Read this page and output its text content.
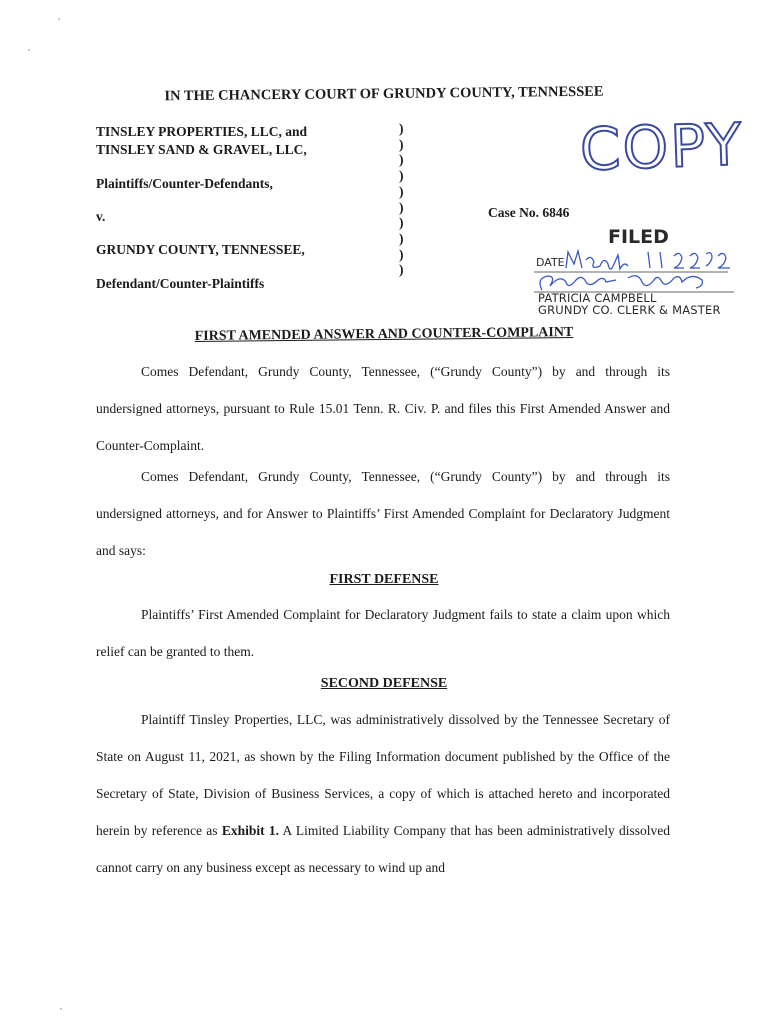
IN THE CHANCERY COURT OF GRUNDY COUNTY, TENNESSEE
TINSLEY PROPERTIES, LLC, and
TINSLEY SAND & GRAVEL, LLC,
Plaintiffs/Counter-Defendants,
v.
GRUNDY COUNTY, TENNESSEE,
Defendant/Counter-Plaintiffs
)
)
)
)
)
)
)
)
)
)
COPY
Case No. 6846
FILED
DATE
PATRICIA CAMPBELL
GRUNDY CO. CLERK & MASTER
FIRST AMENDED ANSWER AND COUNTER-COMPLAINT

Comes Defendant, Grundy County, Tennessee, (“Grundy County”) by and through its undersigned attorneys, pursuant to Rule 15.01 Tenn. R. Civ. P. and files this First Amended Answer and Counter-Complaint.

Comes Defendant, Grundy County, Tennessee, (“Grundy County”) by and through its undersigned attorneys, and for Answer to Plaintiffs’ First Amended Complaint for Declaratory Judgment and says:

FIRST DEFENSE

Plaintiffs’ First Amended Complaint for Declaratory Judgment fails to state a claim upon which relief can be granted to them.

SECOND DEFENSE

Plaintiff Tinsley Properties, LLC, was administratively dissolved by the Tennessee Secretary of State on August 11, 2021, as shown by the Filing Information document published by the Office of the Secretary of State, Division of Business Services, a copy of which is attached hereto and incorporated herein by reference as Exhibit 1. A Limited Liability Company that has been administratively dissolved cannot carry on any business except as necessary to wind up and
